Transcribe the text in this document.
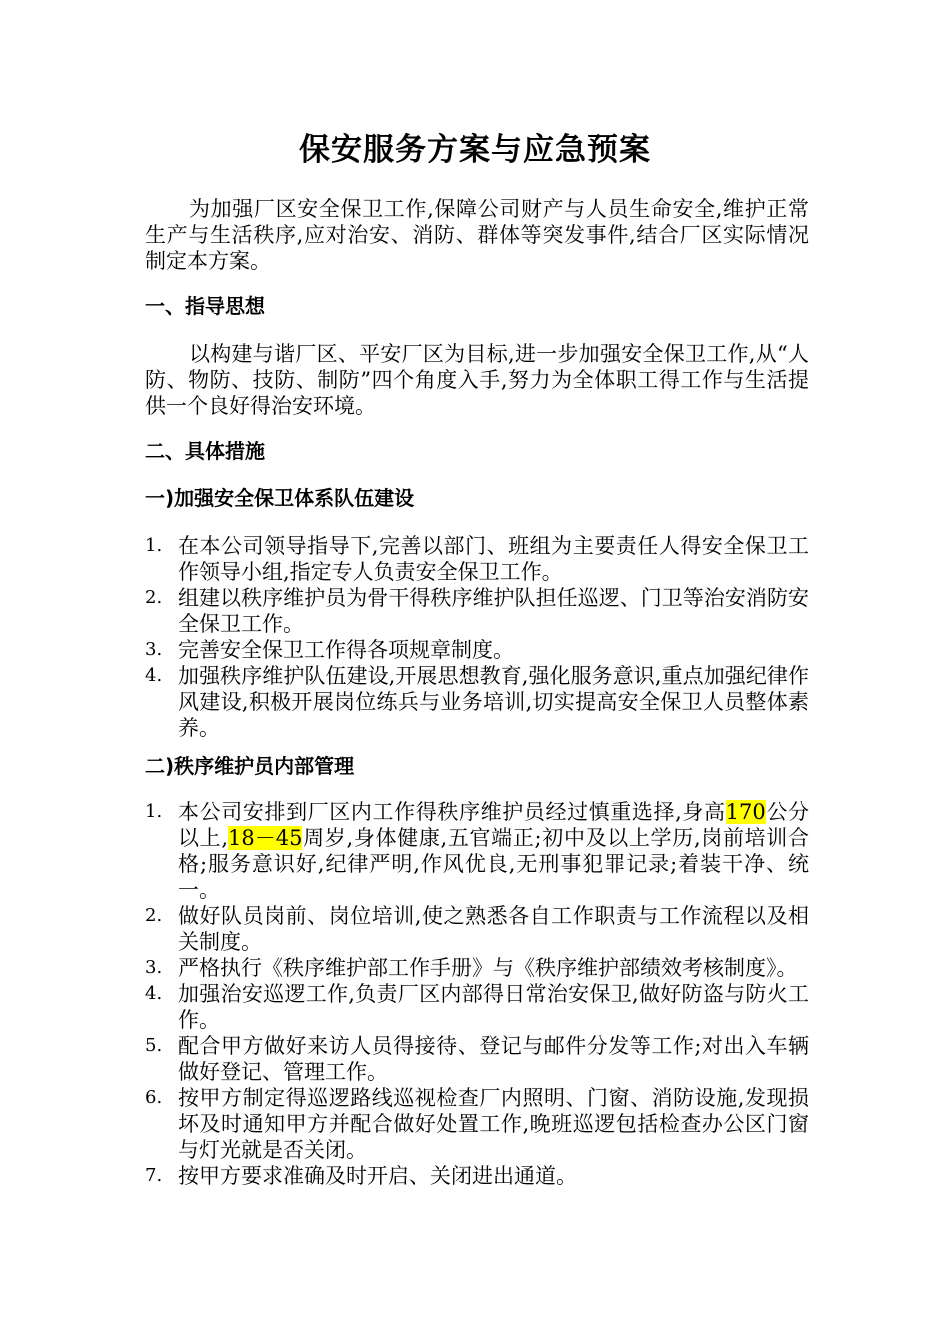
保安服务方案与应急预案

为加强厂区安全保卫工作,保障公司财产与人员生命安全,维护正常生产与生活秩序,应对治安、消防、群体等突发事件,结合厂区实际情况制定本方案。

一、指导思想

以构建与谐厂区、平安厂区为目标,进一步加强安全保卫工作,从“人防、物防、技防、制防”四个角度入手,努力为全体职工得工作与生活提供一个良好得治安环境。

二、具体措施
一)加强安全保卫体系队伍建设
1. 在本公司领导指导下,完善以部门、班组为主要责任人得安全保卫工作领导小组,指定专人负责安全保卫工作。
2. 组建以秩序维护员为骨干得秩序维护队担任巡逻、门卫等治安消防安全保卫工作。
3. 完善安全保卫工作得各项规章制度。
4. 加强秩序维护队伍建设,开展思想教育,强化服务意识,重点加强纪律作风建设,积极开展岗位练兵与业务培训,切实提高安全保卫人员整体素养。
二)秩序维护员内部管理
1. 本公司安排到厂区内工作得秩序维护员经过慎重选择,身高170公分以上,18－45周岁,身体健康,五官端正;初中及以上学历,岗前培训合格;服务意识好,纪律严明,作风优良,无刑事犯罪记录;着装干净、统一。
2. 做好队员岗前、岗位培训,使之熟悉各自工作职责与工作流程以及相关制度。
3. 严格执行《秩序维护部工作手册》与《秩序维护部绩效考核制度》。
4. 加强治安巡逻工作,负责厂区内部得日常治安保卫,做好防盗与防火工作。
5. 配合甲方做好来访人员得接待、登记与邮件分发等工作;对出入车辆做好登记、管理工作。
6. 按甲方制定得巡逻路线巡视检查厂内照明、门窗、消防设施,发现损坏及时通知甲方并配合做好处置工作,晚班巡逻包括检查办公区门窗与灯光就是否关闭。
7. 按甲方要求准确及时开启、关闭进出通道。
